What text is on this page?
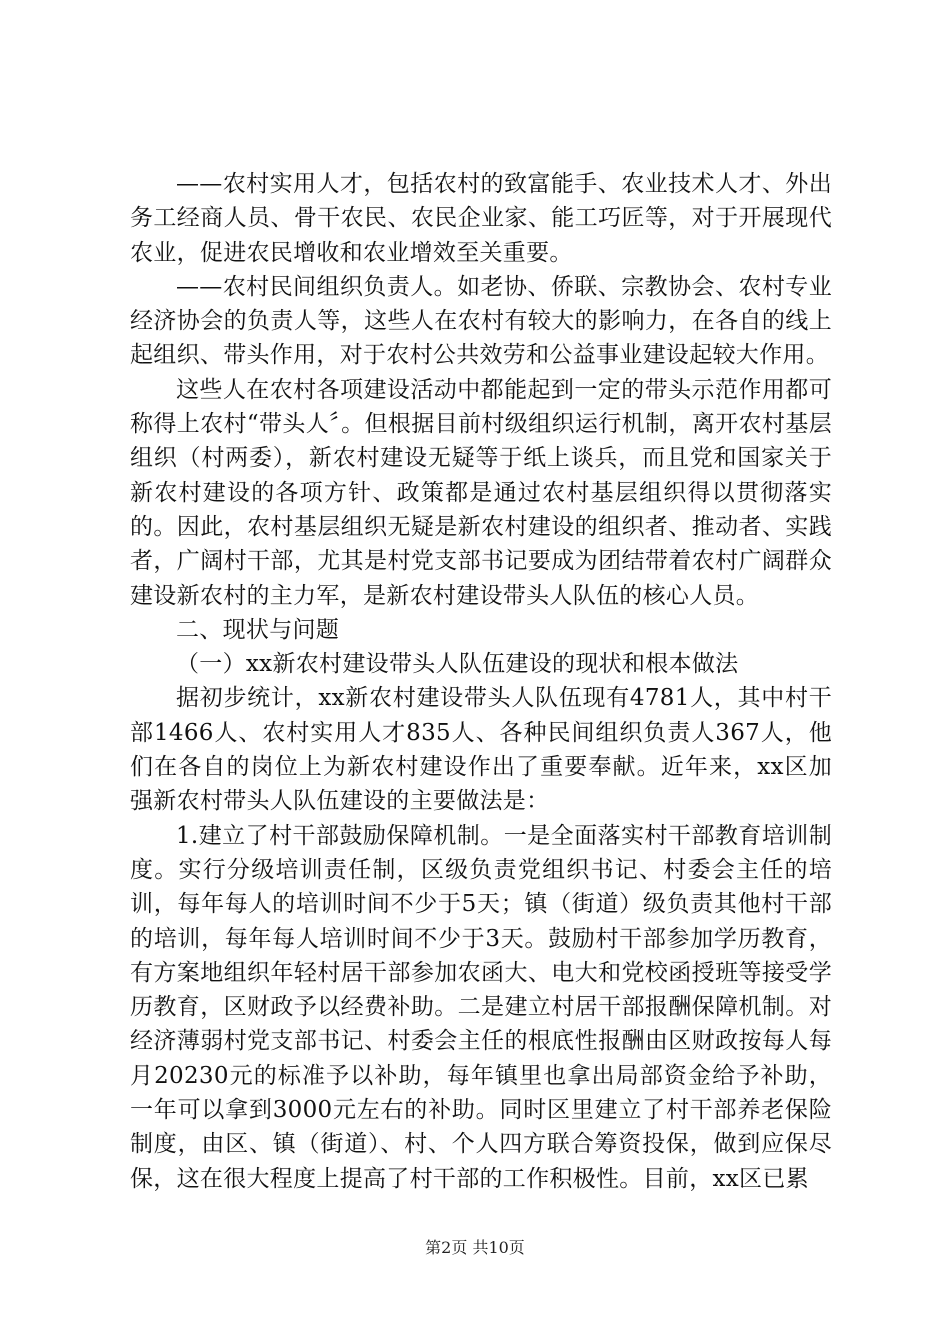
——农村实用人才，包括农村的致富能手、农业技术人才、外出务工经商人员、骨干农民、农民企业家、能工巧匠等，对于开展现代农业，促进农民增收和农业增效至关重要。

——农村民间组织负责人。如老协、侨联、宗教协会、农村专业经济协会的负责人等，这些人在农村有较大的影响力，在各自的线上起组织、带头作用，对于农村公共效劳和公益事业建设起较大作用。

这些人在农村各项建设活动中都能起到一定的带头示范作用都可称得上农村“带头人〞。但根据目前村级组织运行机制，离开农村基层组织（村两委），新农村建设无疑等于纸上谈兵，而且党和国家关于新农村建设的各项方针、政策都是通过农村基层组织得以贯彻落实的。因此，农村基层组织无疑是新农村建设的组织者、推动者、实践者，广阔村干部，尤其是村党支部书记要成为团结带着农村广阔群众建设新农村的主力军，是新农村建设带头人队伍的核心人员。

二、现状与问题

（一）xx新农村建设带头人队伍建设的现状和根本做法

据初步统计，xx新农村建设带头人队伍现有4781人，其中村干部1466人、农村实用人才835人、各种民间组织负责人367人，他们在各自的岗位上为新农村建设作出了重要奉献。近年来，xx区加强新农村带头人队伍建设的主要做法是：

1.建立了村干部鼓励保障机制。一是全面落实村干部教育培训制度。实行分级培训责任制，区级负责党组织书记、村委会主任的培训，每年每人的培训时间不少于5天；镇（街道）级负责其他村干部的培训，每年每人培训时间不少于3天。鼓励村干部参加学历教育，有方案地组织年轻村居干部参加农函大、电大和党校函授班等接受学历教育，区财政予以经费补助。二是建立村居干部报酬保障机制。对经济薄弱村党支部书记、村委会主任的根底性报酬由区财政按每人每月20230元的标准予以补助，每年镇里也拿出局部资金给予补助，一年可以拿到3000元左右的补助。同时区里建立了村干部养老保险制度，由区、镇（街道）、村、个人四方联合筹资投保，做到应保尽保，这在很大程度上提高了村干部的工作积极性。目前，xx区已累

第2页 共10页
